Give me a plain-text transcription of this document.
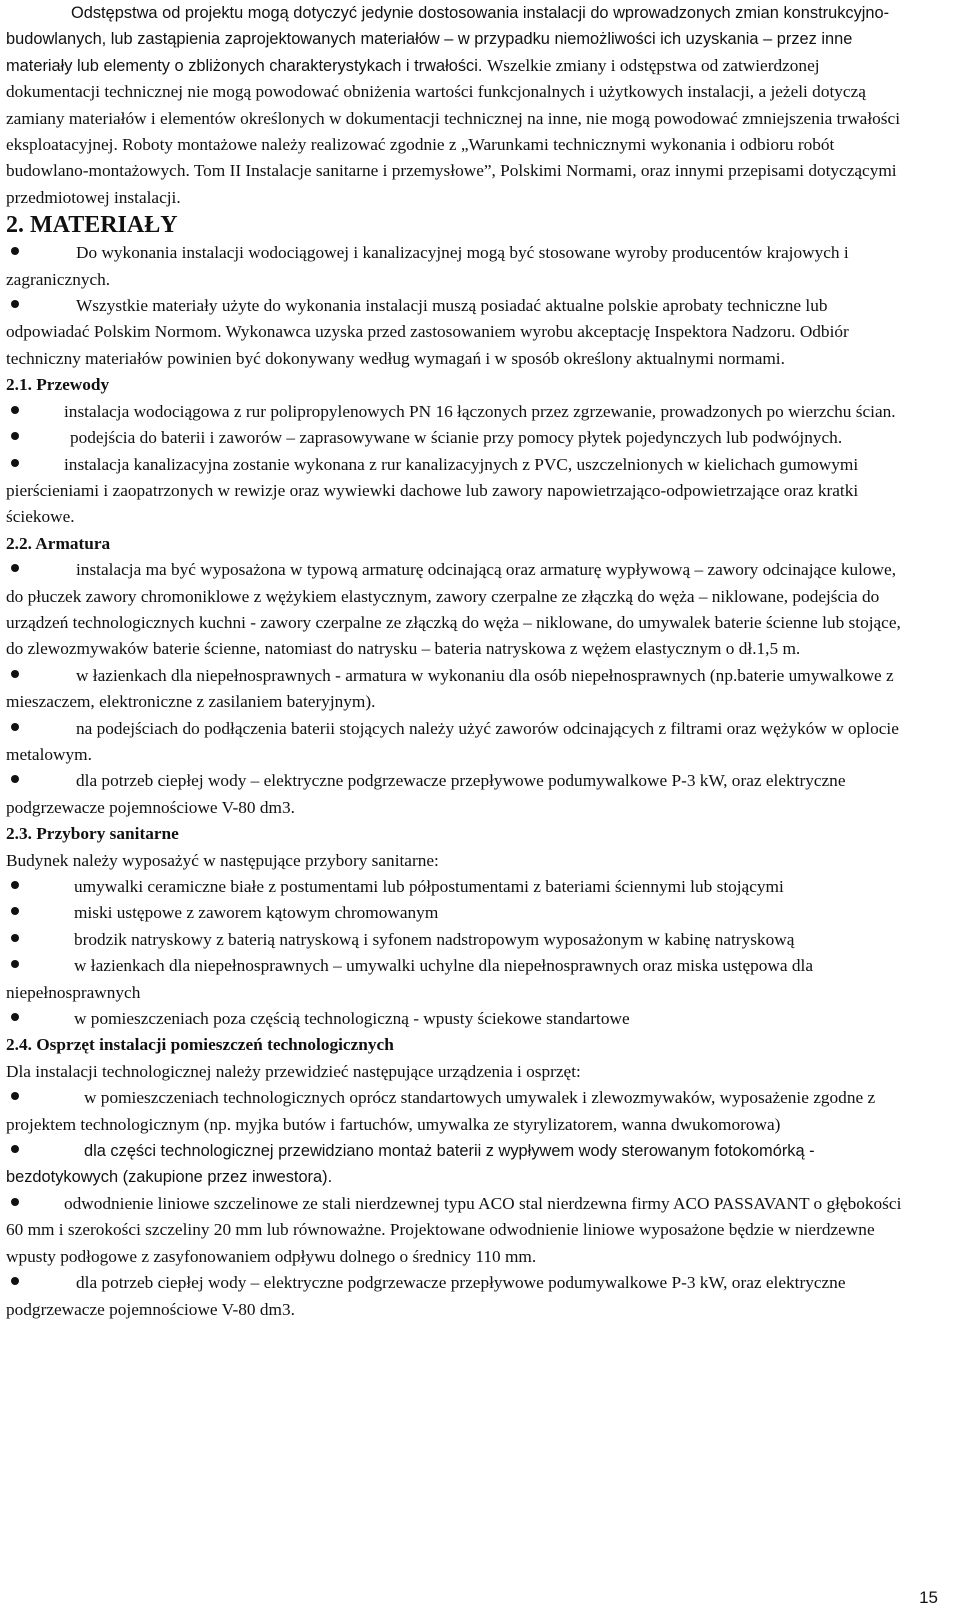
Odstępstwa od projektu mogą dotyczyć jedynie dostosowania instalacji do wprowadzonych zmian konstrukcyjno-budowlanych, lub zastąpienia zaprojektowanych materiałów – w przypadku niemożliwości ich uzyskania – przez inne materiały lub elementy o zbliżonych charakterystykach i trwałości. Wszelkie zmiany i odstępstwa od zatwierdzonej dokumentacji technicznej nie mogą powodować obniżenia wartości funkcjonalnych i użytkowych instalacji, a jeżeli dotyczą zamiany materiałów i elementów określonych w dokumentacji technicznej na inne, nie mogą powodować zmniejszenia trwałości eksploatacyjnej. Roboty montażowe należy realizować zgodnie z „Warunkami technicznymi wykonania i odbioru robót budowlano-montażowych. Tom II Instalacje sanitarne i przemysłowe”, Polskimi Normami, oraz innymi przepisami dotyczącymi przedmiotowej instalacji.

2. MATERIAŁY

Do wykonania instalacji wodociągowej i kanalizacyjnej mogą być stosowane wyroby producentów krajowych i zagranicznych.

Wszystkie materiały użyte do wykonania instalacji muszą posiadać aktualne polskie aprobaty techniczne lub odpowiadać Polskim Normom. Wykonawca uzyska przed zastosowaniem wyrobu akceptację Inspektora Nadzoru. Odbiór techniczny materiałów powinien być dokonywany według wymagań i w sposób określony aktualnymi normami.

2.1. Przewody

instalacja wodociągowa z rur polipropylenowych PN 16 łączonych przez zgrzewanie, prowadzonych po wierzchu ścian.

podejścia do baterii i zaworów – zaprasowywane w ścianie przy pomocy płytek pojedynczych lub podwójnych.

instalacja kanalizacyjna zostanie wykonana z rur kanalizacyjnych z PVC, uszczelnionych w kielichach gumowymi pierścieniami i zaopatrzonych w rewizje oraz wywiewki dachowe lub zawory napowietrzająco-odpowietrzające oraz kratki ściekowe.

2.2. Armatura

instalacja ma być wyposażona w typową armaturę odcinającą oraz armaturę wypływową – zawory odcinające kulowe, do płuczek zawory chromoniklowe z wężykiem elastycznym, zawory czerpalne ze złączką do węża – niklowane, podejścia do urządzeń technologicznych kuchni - zawory czerpalne ze złączką do węża – niklowane, do umywalek baterie ścienne lub stojące, do zlewozmywaków baterie ścienne, natomiast do natrysku – bateria natryskowa z wężem elastycznym o dł.1,5 m.

w łazienkach dla niepełnosprawnych - armatura w wykonaniu dla osób niepełnosprawnych (np.baterie umywalkowe z mieszaczem, elektroniczne z zasilaniem bateryjnym).

na podejściach do podłączenia baterii stojących należy użyć zaworów odcinających z filtrami oraz wężyków w oplocie metalowym.

dla potrzeb ciepłej wody – elektryczne podgrzewacze przepływowe podumywalkowe P-3 kW, oraz elektryczne podgrzewacze pojemnościowe V-80 dm3.

2.3. Przybory sanitarne

Budynek należy wyposażyć w następujące przybory sanitarne:

umywalki ceramiczne białe z postumentami lub półpostumentami z bateriami ściennymi lub stojącymi

miski ustępowe z zaworem kątowym chromowanym

brodzik natryskowy z baterią natryskową i syfonem nadstropowym wyposażonym w kabinę natryskową

w łazienkach dla niepełnosprawnych – umywalki uchylne dla niepełnosprawnych oraz miska ustępowa dla niepełnosprawnych

w pomieszczeniach poza częścią technologiczną - wpusty ściekowe standartowe

2.4. Osprzęt instalacji pomieszczeń technologicznych

Dla instalacji technologicznej należy przewidzieć następujące urządzenia i osprzęt:

w pomieszczeniach technologicznych oprócz standartowych umywalek i zlewozmywaków, wyposażenie zgodne z projektem technologicznym (np. myjka butów i fartuchów, umywalka ze styrylizatorem, wanna dwukomorowa)

dla części technologicznej przewidziano montaż baterii z wypływem wody sterowanym fotokomórką - bezdotykowych (zakupione przez inwestora).

odwodnienie liniowe szczelinowe ze stali nierdzewnej typu ACO stal nierdzewna firmy ACO PASSAVANT o głębokości 60 mm i szerokości szczeliny 20 mm lub równoważne. Projektowane odwodnienie liniowe wyposażone będzie w nierdzewne wpusty podłogowe z zasyfonowaniem odpływu dolnego o średnicy 110 mm.

dla potrzeb ciepłej wody – elektryczne podgrzewacze przepływowe podumywalkowe P-3 kW, oraz elektryczne podgrzewacze pojemnościowe V-80 dm3.

15
